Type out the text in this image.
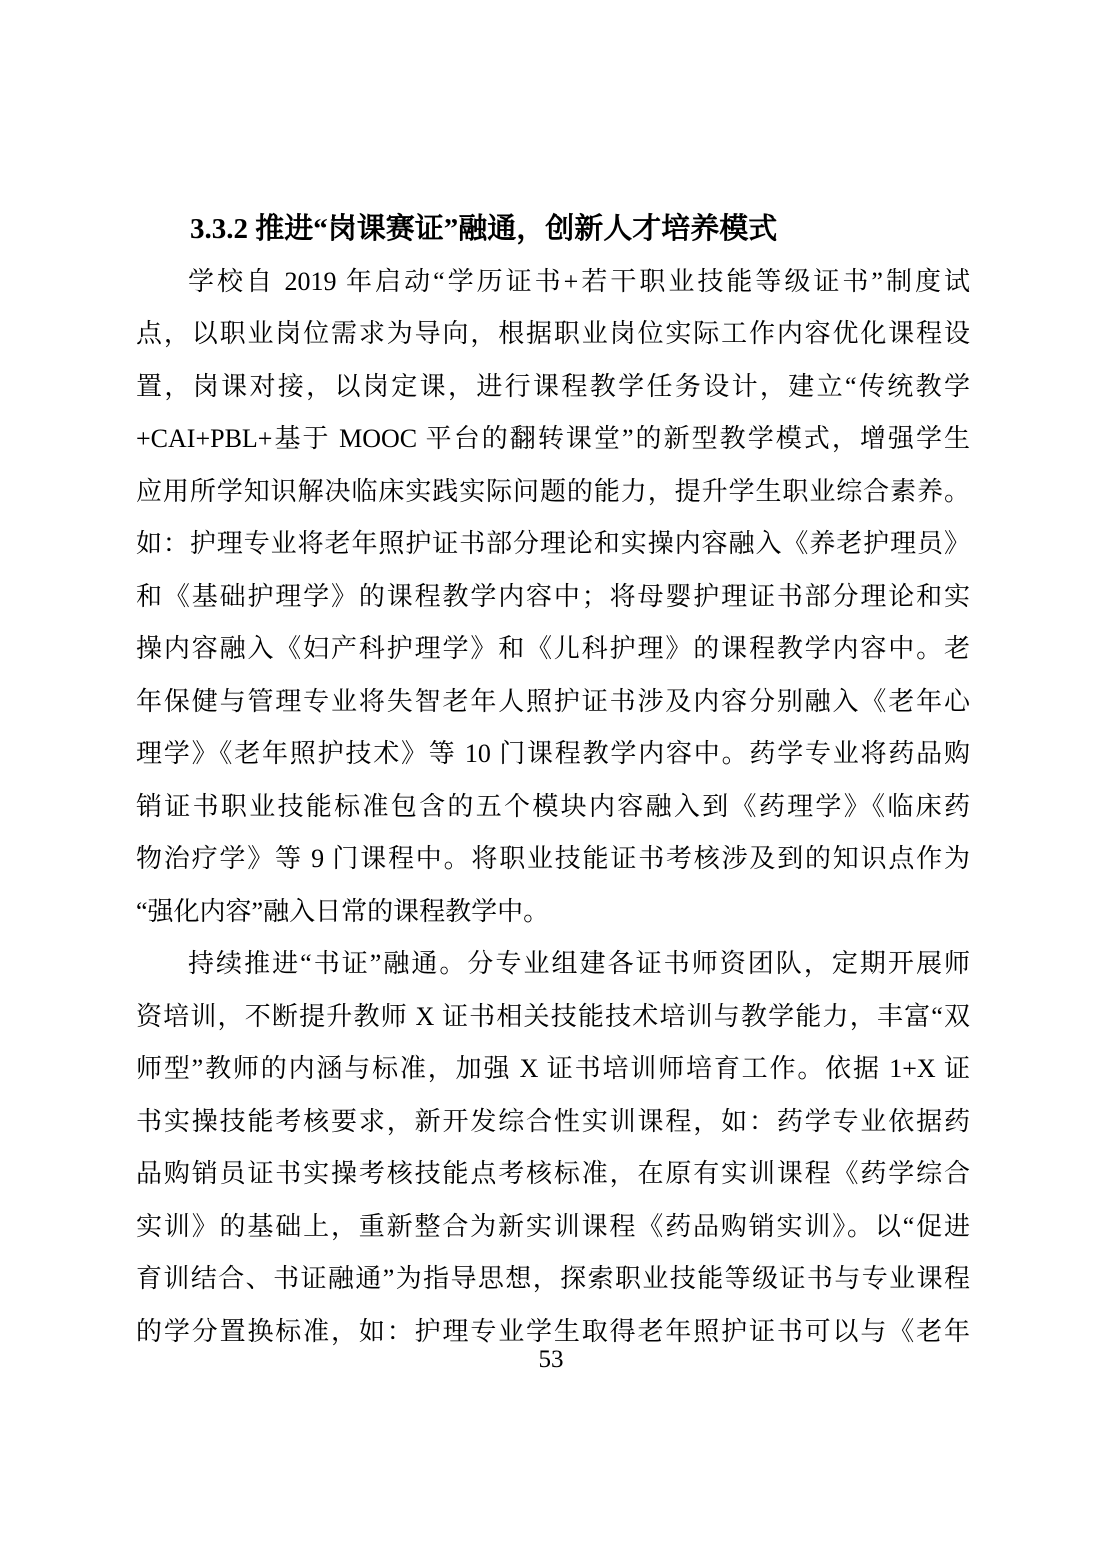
3.3.2 推进“岗课赛证”融通，创新人才培养模式
学校自 2019 年启动“学历证书+若干职业技能等级证书”制度试
点，以职业岗位需求为导向，根据职业岗位实际工作内容优化课程设
置，岗课对接，以岗定课，进行课程教学任务设计，建立“传统教学
+CAI+PBL+基于 MOOC 平台的翻转课堂”的新型教学模式，增强学生
应用所学知识解决临床实践实际问题的能力，提升学生职业综合素养。
如：护理专业将老年照护证书部分理论和实操内容融入《养老护理员》
和《基础护理学》的课程教学内容中；将母婴护理证书部分理论和实
操内容融入《妇产科护理学》和《儿科护理》的课程教学内容中。老
年保健与管理专业将失智老年人照护证书涉及内容分别融入《老年心
理学》《老年照护技术》等 10 门课程教学内容中。药学专业将药品购
销证书职业技能标准包含的五个模块内容融入到《药理学》《临床药
物治疗学》等 9 门课程中。将职业技能证书考核涉及到的知识点作为
“强化内容”融入日常的课程教学中。
持续推进“书证”融通。分专业组建各证书师资团队，定期开展师
资培训，不断提升教师 X 证书相关技能技术培训与教学能力，丰富“双
师型”教师的内涵与标准，加强 X 证书培训师培育工作。依据 1+X 证
书实操技能考核要求，新开发综合性实训课程，如：药学专业依据药
品购销员证书实操考核技能点考核标准，在原有实训课程《药学综合
实训》的基础上，重新整合为新实训课程《药品购销实训》。以“促进
育训结合、书证融通”为指导思想，探索职业技能等级证书与专业课程
的学分置换标准，如：护理专业学生取得老年照护证书可以与《老年
53
